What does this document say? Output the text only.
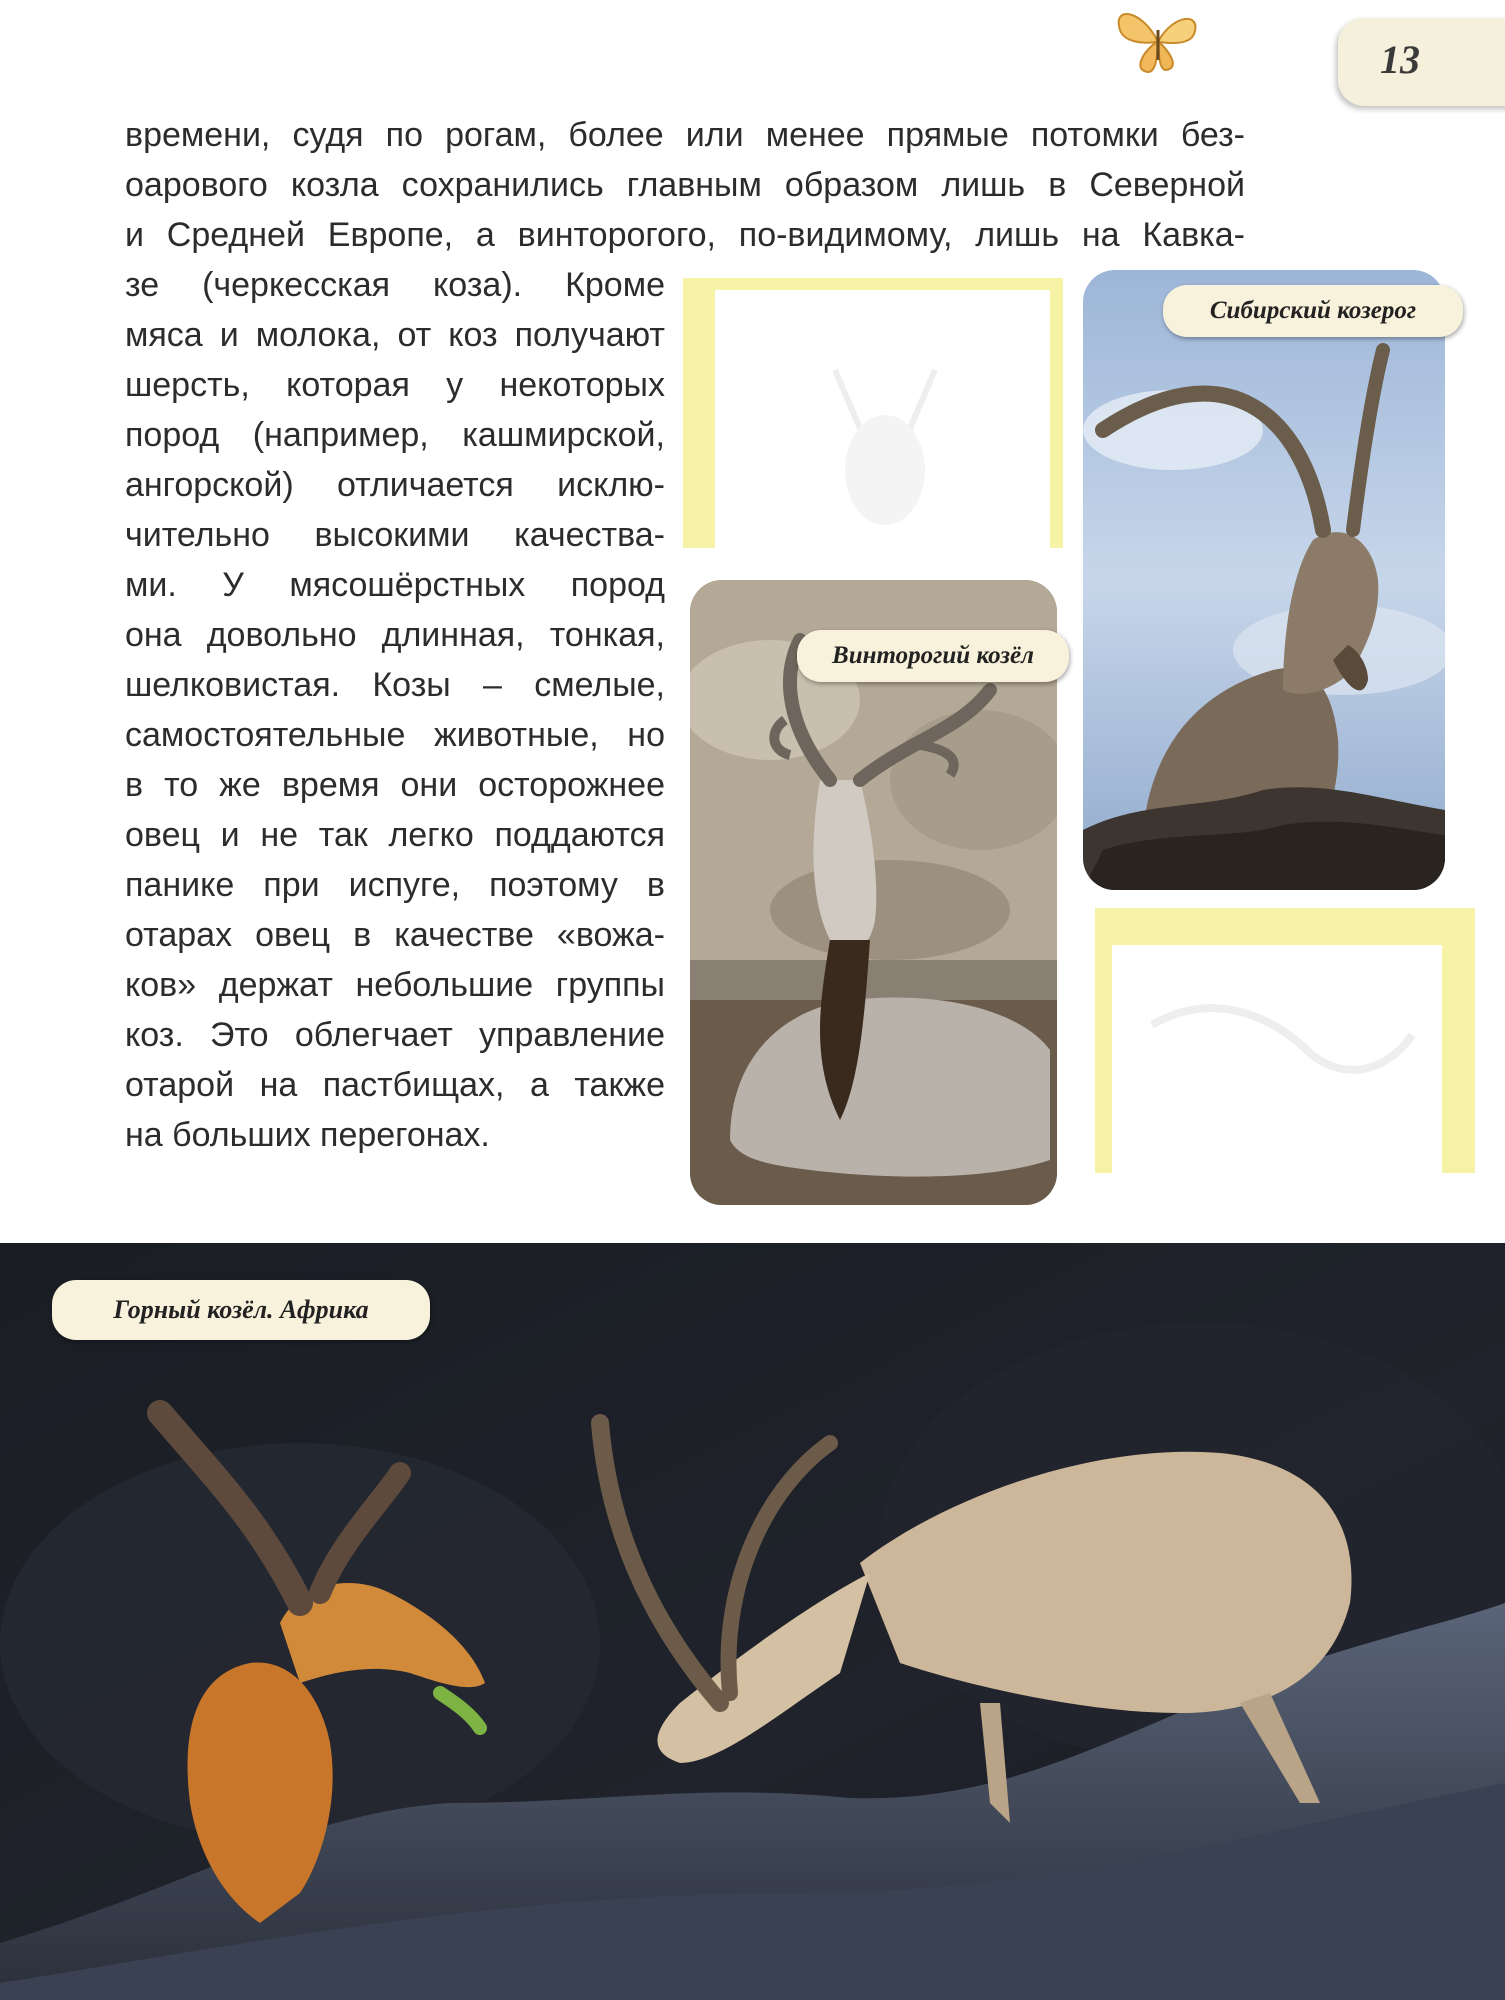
13
времени, судя по рогам, более или менее прямые потомки без-
оарового козла сохранились главным образом лишь в Северной
и Средней Европе, а винторогого, по-видимому, лишь на Кавка-
зе (черкесская коза). Кроме
мяса и молока, от коз получают
шерсть, которая у некоторых
пород (например, кашмирской,
ангорской) отличается исклю-
чительно высокими качества-
ми. У мясошёрстных пород
она довольно длинная, тонкая,
шелковистая. Козы – смелые,
самостоятельные животные, но
в то же время они осторожнее
овец и не так легко поддаются
панике при испуге, поэтому в
отарах овец в качестве «вожа-
ков» держат небольшие группы
коз. Это облегчает управление
отарой на пастбищах, а также
на больших перегонах.
Сибирский козерог
Винторогий козёл
Горный козёл. Африка
